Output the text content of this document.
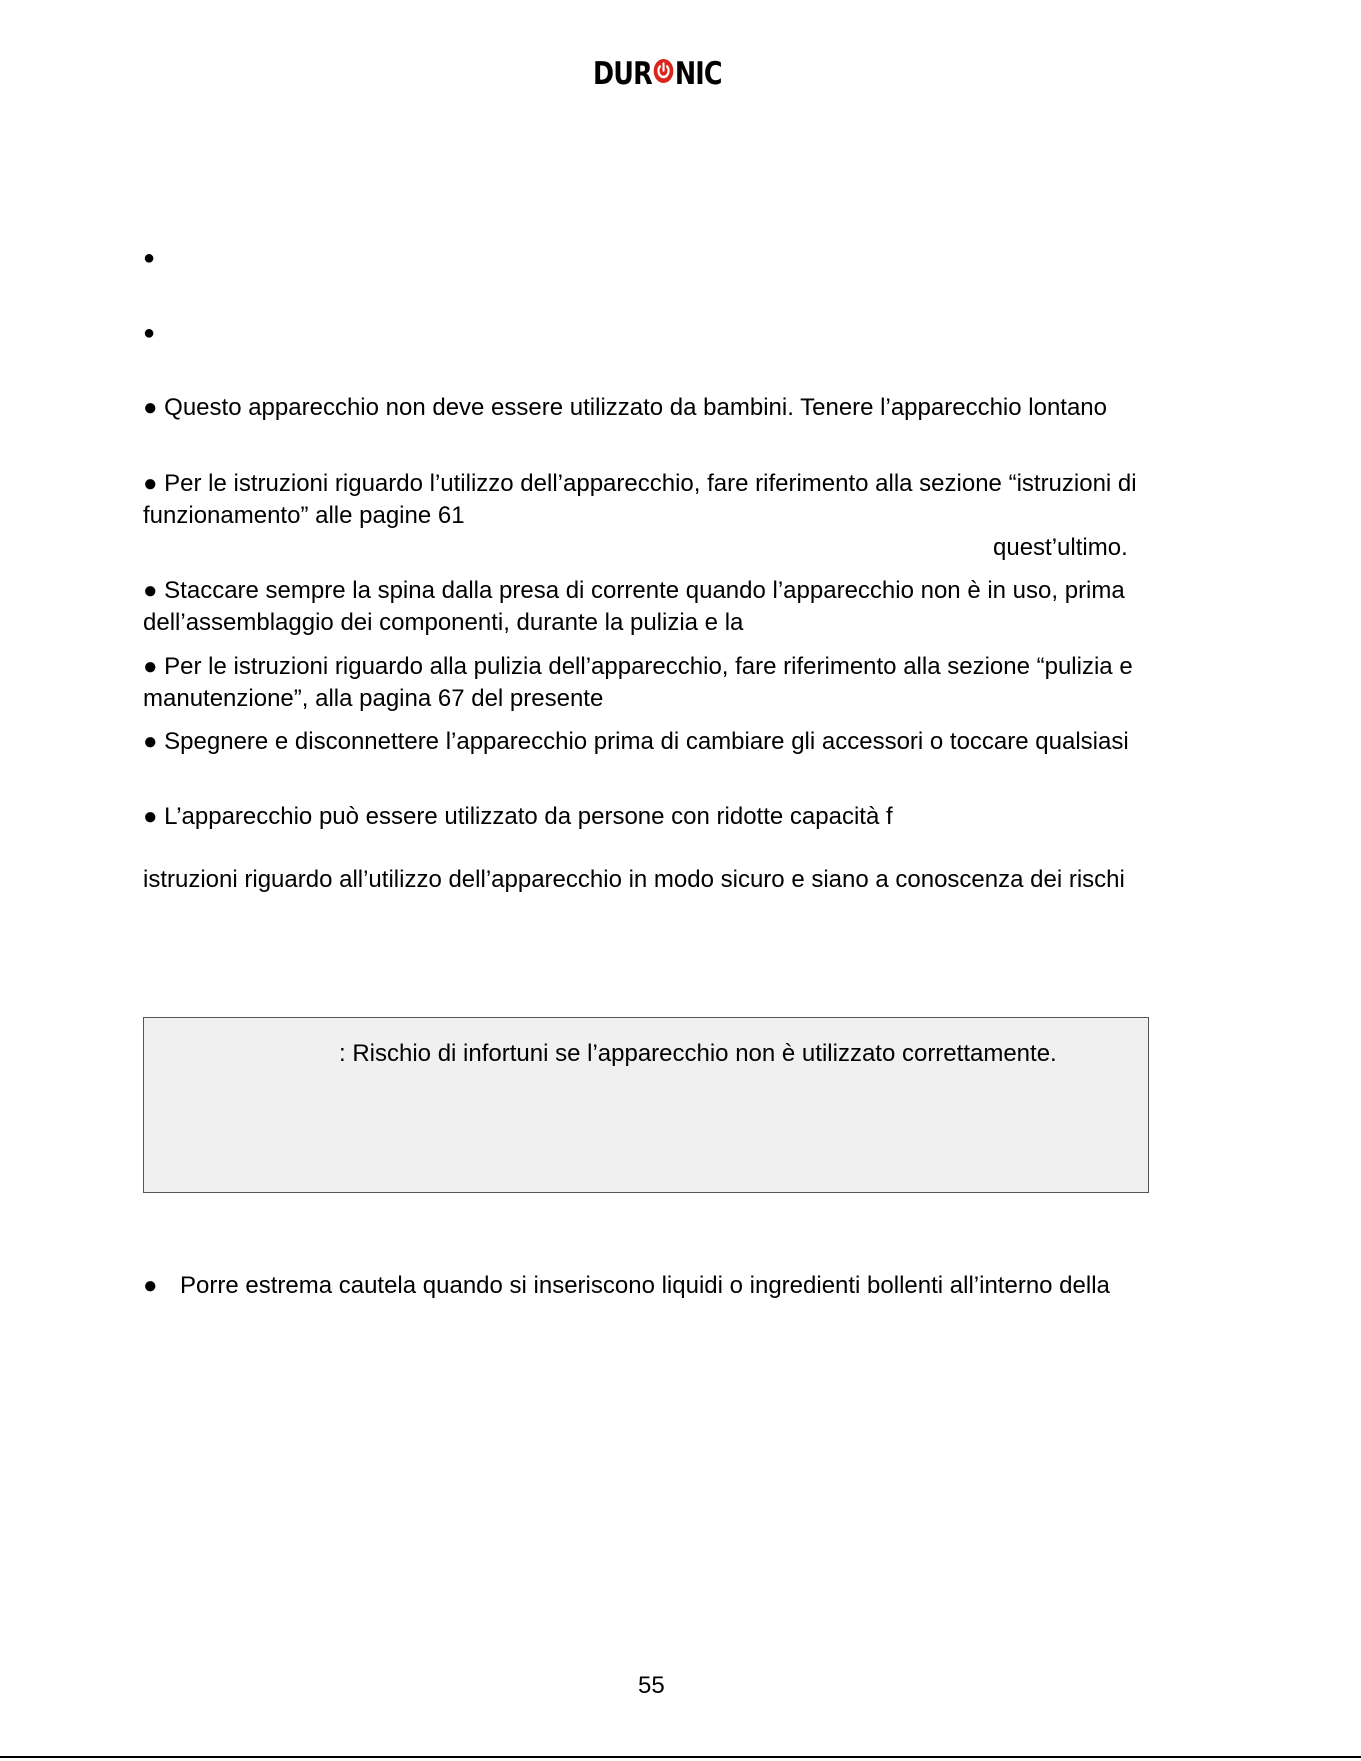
DUR NIC
●
●
● Questo apparecchio non deve essere utilizzato da bambini. Tenere l’apparecchio lontano
● Per le istruzioni riguardo l’utilizzo dell’apparecchio, fare riferimento alla sezione “istruzioni di
funzionamento” alle pagine 61
quest’ultimo.
● Staccare sempre la spina dalla presa di corrente quando l’apparecchio non è in uso, prima
dell’assemblaggio dei componenti, durante la pulizia e la
● Per le istruzioni riguardo alla pulizia dell’apparecchio, fare riferimento alla sezione “pulizia e
manutenzione”, alla pagina 67 del presente
● Spegnere e disconnettere l’apparecchio prima di cambiare gli accessori o toccare qualsiasi
● L’apparecchio può essere utilizzato da persone con ridotte capacità f
istruzioni riguardo all’utilizzo dell’apparecchio in modo sicuro e siano a conoscenza dei rischi
: Rischio di infortuni se l’apparecchio non è utilizzato correttamente.
● Porre estrema cautela quando si inseriscono liquidi o ingredienti bollenti all’interno della
55
